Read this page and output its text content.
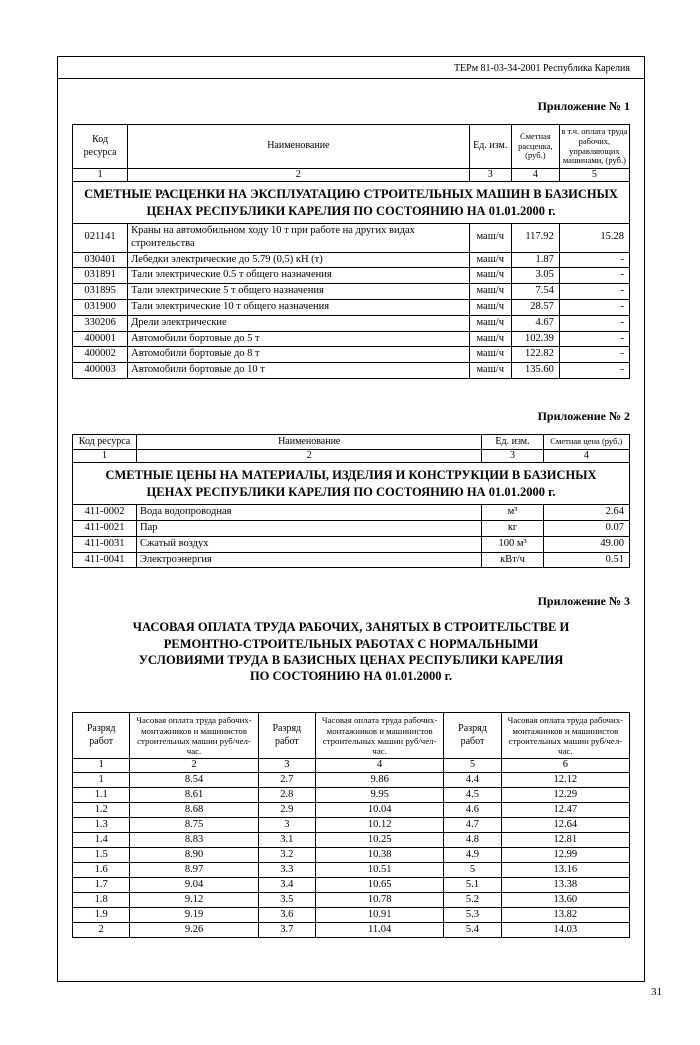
ТЕРм 81-03-34-2001 Республика Карелия
Приложение № 1
Код ресурса	Наименование	Ед. изм.	Сметная расценка, (руб.)	в т.ч. оплата труда рабочих, управляющих машинами, (руб.)
1	2	3	4	5
СМЕТНЫЕ РАСЦЕНКИ НА ЭКСПЛУАТАЦИЮ СТРОИТЕЛЬНЫХ МАШИН В БАЗИСНЫХ ЦЕНАХ РЕСПУБЛИКИ КАРЕЛИЯ ПО СОСТОЯНИЮ НА 01.01.2000 г.				
021141	Краны на автомобильном ходу 10 т при работе на других видах строительства	маш/ч	117.92	15.28
030401	Лебедки электрические до 5.79 (0,5) кН (т)	маш/ч	1.87	-
031891	Тали электрические 0.5 т общего назначения	маш/ч	3.05	-
031895	Тали электрические 5 т общего назначения	маш/ч	7.54	-
031900	Тали электрические 10 т общего назначения	маш/ч	28.57	-
330206	Дрели электрические	маш/ч	4.67	-
400001	Автомобили бортовые до 5 т	маш/ч	102.39	-
400002	Автомобили бортовые до 8 т	маш/ч	122.82	-
400003	Автомобили бортовые до 10 т	маш/ч	135.60	-
Приложение № 2
Код ресурса	Наименование	Ед. изм.	Сметная цена (руб.)
1	2	3	4
СМЕТНЫЕ ЦЕНЫ НА МАТЕРИАЛЫ, ИЗДЕЛИЯ И КОНСТРУКЦИИ В БАЗИСНЫХ ЦЕНАХ РЕСПУБЛИКИ КАРЕЛИЯ ПО СОСТОЯНИЮ НА 01.01.2000 г.			
411-0002	Вода водопроводная	м³	2.64
411-0021	Пар	кг	0.07
411-0031	Сжатый воздух	100 м³	49.00
411-0041	Электроэнергия	кВт/ч	0.51
Приложение № 3
ЧАСОВАЯ ОПЛАТА ТРУДА РАБОЧИХ, ЗАНЯТЫХ В СТРОИТЕЛЬСТВЕ И РЕМОНТНО-СТРОИТЕЛЬНЫХ РАБОТАХ С НОРМАЛЬНЫМИ УСЛОВИЯМИ ТРУДА В БАЗИСНЫХ ЦЕНАХ РЕСПУБЛИКИ КАРЕЛИЯ ПО СОСТОЯНИЮ НА 01.01.2000 г.
Разряд работ	Часовая оплата труда рабочих-монтажников и машинистов строительных машин руб/чел-час.	Разряд работ	Часовая оплата труда рабочих-монтажников и машинистов строительных машин руб/чел-час.	Разряд работ	Часовая оплата труда рабочих-монтажников и машинистов строительных машин руб/чел-час.
1	2	3	4	5	6
1	8.54	2.7	9.86	4.4	12.12
1.1	8.61	2.8	9.95	4.5	12.29
1.2	8.68	2.9	10.04	4.6	12.47
1.3	8.75	3	10.12	4.7	12.64
1.4	8.83	3.1	10.25	4.8	12.81
1.5	8.90	3.2	10.38	4.9	12.99
1.6	8.97	3.3	10.51	5	13.16
1.7	9.04	3.4	10.65	5.1	13.38
1.8	9.12	3.5	10.78	5.2	13.60
1.9	9.19	3.6	10.91	5.3	13.82
2	9.26	3.7	11.04	5.4	14.03
31
